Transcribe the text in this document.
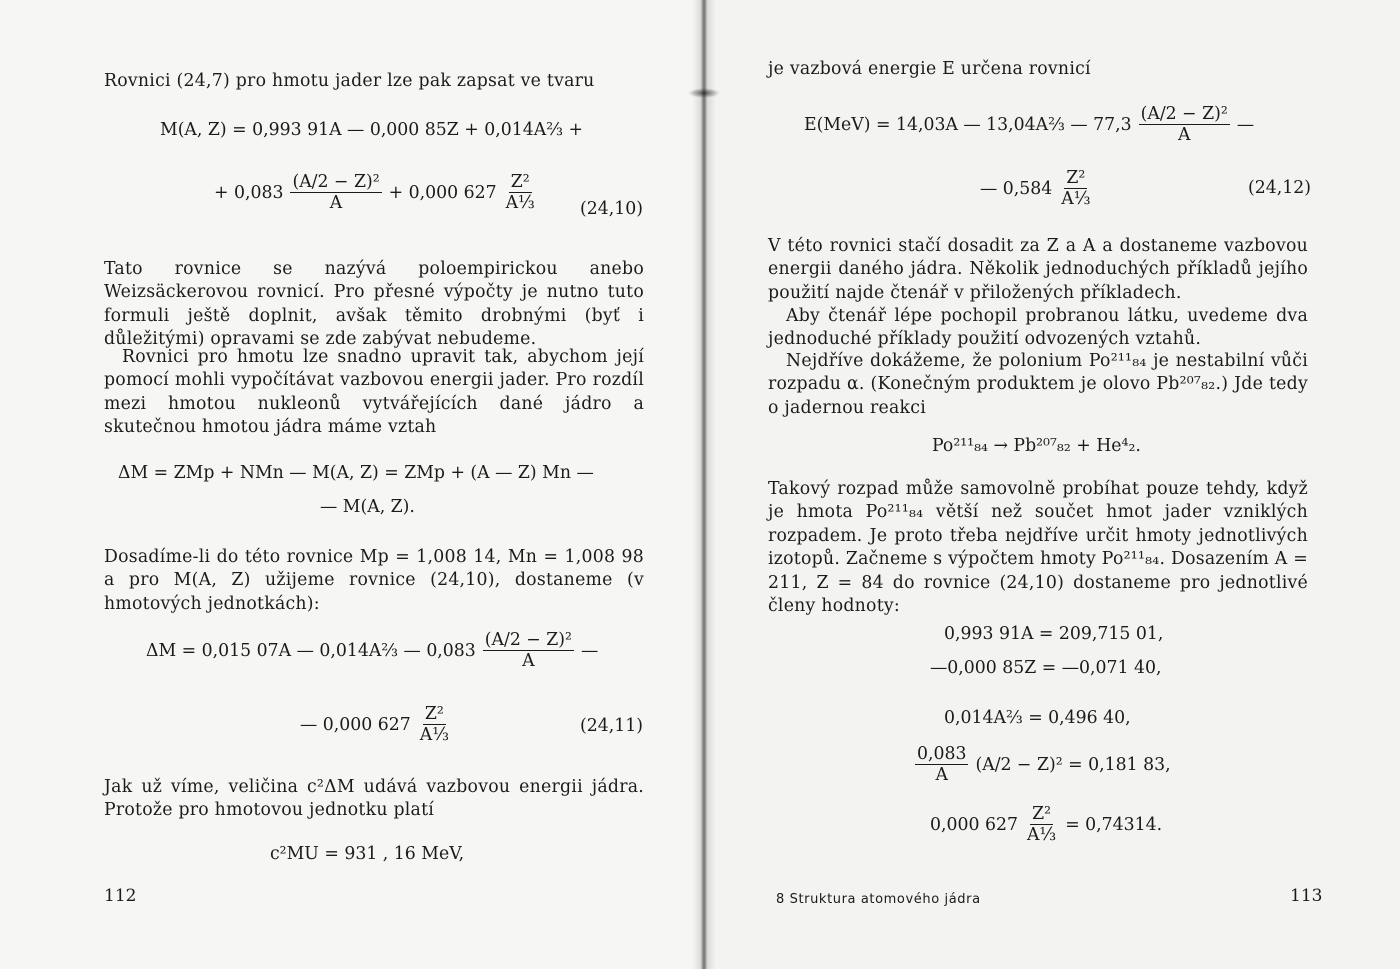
Rovnici (24,7) pro hmotu jader lze pak zapsat ve tvaru

M(A, Z) = 0,993 91A — 0,000 85Z + 0,014A⅔ +
+ $0,083 \frac{\text{(A/2 − Z)²}}{A} + 0,000$ $627 \frac{\text{Z²}}{\text{A⅓}} (24,10)$

Tato rovnice se nazývá poloempirickou anebo Weizsäckerovou rovnicí. Pro přesné výpočty je nutno tuto formuli ještě doplnit, avšak těmito drobnými (byť i důležitými) opravami se zde zabývat nebudeme.

Rovnici pro hmotu lze snadno upravit tak, abychom její pomocí mohli vypočítávat vazbovou energii jader. Pro rozdíl mezi hmotou nukleonů vytvářejících dané jádro a skutečnou hmotou jádra máme vztah

ΔM = ZMp + NMn — M(A, Z) = ZMp + (A — Z) Mn —
— M(A, Z).

Dosadíme-li do této rovnice Mp = 1,008 14, Mn = 1,008 98 a pro M(A, Z) užijeme rovnice (24,10), dostaneme (v hmotových jednotkách):

ΔM = 0,015 07A — 0,014A⅔ — $0,083 \frac{\text{(A/2 − Z)²}}{A}$ —
— 0,000 $627 \frac{\text{Z²}}{\text{A⅓}}$	(24,11)

Jak už víme, veličina c²ΔM udává vazbovou energii jádra. Protože pro hmotovou jednotku platí

c²MU = 931 , 16 MeV,
112

je vazbová energie E určena rovnicí

E(MeV) = 14,03A — 13,04A⅔ — $77,3 \frac{\text{(A/2 − Z)²}}{A}$ —
— $0,584 \frac{\text{Z²}}{\text{A⅓}}$	(24,12)

V této rovnici stačí dosadit za Z a A a dostaneme vazbovou energii daného jádra. Několik jednoduchých příkladů jejího použití najde čtenář v přiložených příkladech.

Aby čtenář lépe pochopil probranou látku, uvedeme dva jednoduché příklady použití odvozených vztahů.

Nejdříve dokážeme, že polonium Po²¹¹₈₄ je nestabilní vůči rozpadu α. (Konečným produktem je olovo Pb²⁰⁷₈₂.) Jde tedy o jadernou reakci

Po²¹¹₈₄ → Pb²⁰⁷₈₂ + He⁴₂.

Takový rozpad může samovolně probíhat pouze tehdy, když je hmota Po²¹¹₈₄ větší než součet hmot jader vzniklých rozpadem. Je proto třeba nejdříve určit hmoty jednotlivých izotopů. Začneme s výpočtem hmoty Po²¹¹₈₄. Dosazením A = 211, Z = 84 do rovnice (24,10) dostaneme pro jednotlivé členy hodnoty:

0,993 91A = 209,715 01,
—0,000 85Z = —0,071 40,
0,014A⅔ = 0,496 40,
$\frac{0,083}{A} (A/2 - Z)^2 = 0,181$ 83,
0,000 $627 \frac{\text{Z²}}{\text{A⅓}} = 0,74314$.
8 Struktura atomového jádra	113
